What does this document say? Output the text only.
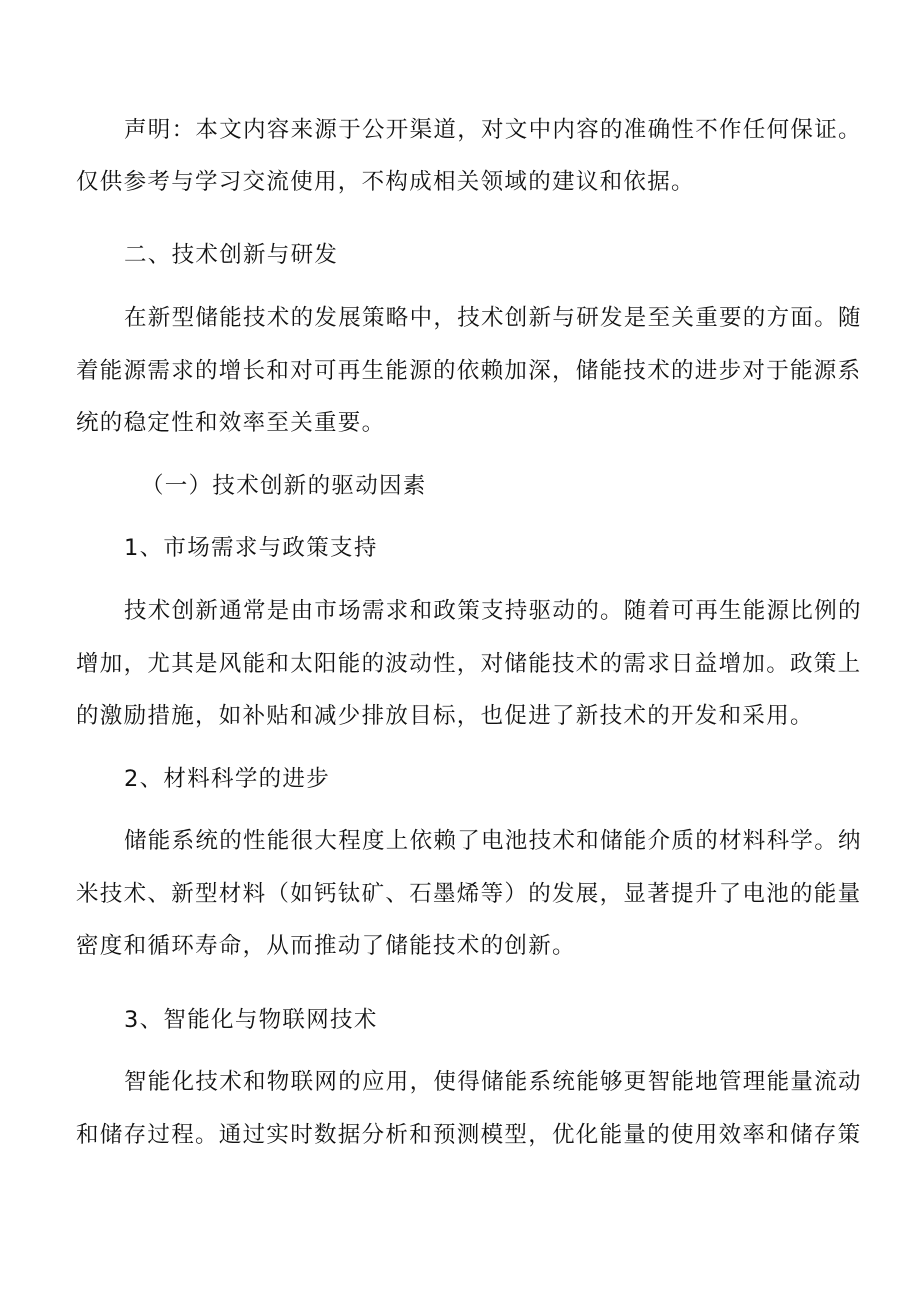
声明：本文内容来源于公开渠道，对文中内容的准确性不作任何保证。
仅供参考与学习交流使用，不构成相关领域的建议和依据。
二、技术创新与研发
在新型储能技术的发展策略中，技术创新与研发是至关重要的方面。随
着能源需求的增长和对可再生能源的依赖加深，储能技术的进步对于能源系
统的稳定性和效率至关重要。
（一）技术创新的驱动因素
1、市场需求与政策支持
技术创新通常是由市场需求和政策支持驱动的。随着可再生能源比例的
增加，尤其是风能和太阳能的波动性，对储能技术的需求日益增加。政策上
的激励措施，如补贴和减少排放目标，也促进了新技术的开发和采用。
2、材料科学的进步
储能系统的性能很大程度上依赖了电池技术和储能介质的材料科学。纳
米技术、新型材料（如钙钛矿、石墨烯等）的发展，显著提升了电池的能量
密度和循环寿命，从而推动了储能技术的创新。
3、智能化与物联网技术
智能化技术和物联网的应用，使得储能系统能够更智能地管理能量流动
和储存过程。通过实时数据分析和预测模型，优化能量的使用效率和储存策
